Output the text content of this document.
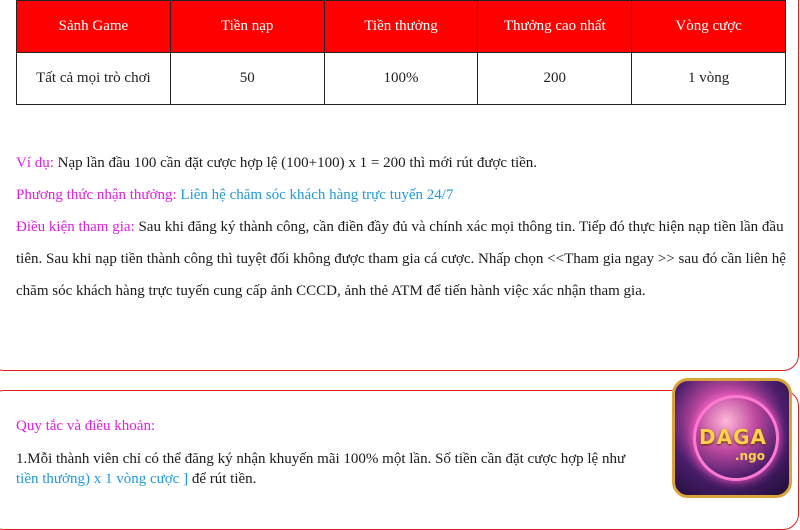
Sảnh Game	Tiền nạp	Tiền thưởng	Thưởng cao nhất	Vòng cược
Tất cả mọi trò chơi	50	100%	200	1 vòng
Ví dụ: Nạp lần đầu 100 cần đặt cược hợp lệ (100+100) x 1 = 200 thì mới rút được tiền.
Phương thức nhận thưởng: Liên hệ chăm sóc khách hàng trực tuyến 24/7
Điều kiện tham gia: Sau khi đăng ký thành công, cần điền đầy đủ và chính xác mọi thông tin. Tiếp đó thực hiện nạp tiền lần đầu tiên. Sau khi nạp tiền thành công thì tuyệt đối không được tham gia cá cược. Nhấp chọn <<Tham gia ngay >> sau đó cần liên hệ chăm sóc khách hàng trực tuyến cung cấp ảnh CCCD, ảnh thẻ ATM để tiến hành việc xác nhận tham gia.
Quy tắc và điều khoản:
1.Mỗi thành viên chỉ có thể đăng ký nhận khuyến mãi 100% một lần. Số tiền cần đặt cược hợp lệ như
tiền thưởng) x 1 vòng cược ] để rút tiền.
DAGA
.ngo
